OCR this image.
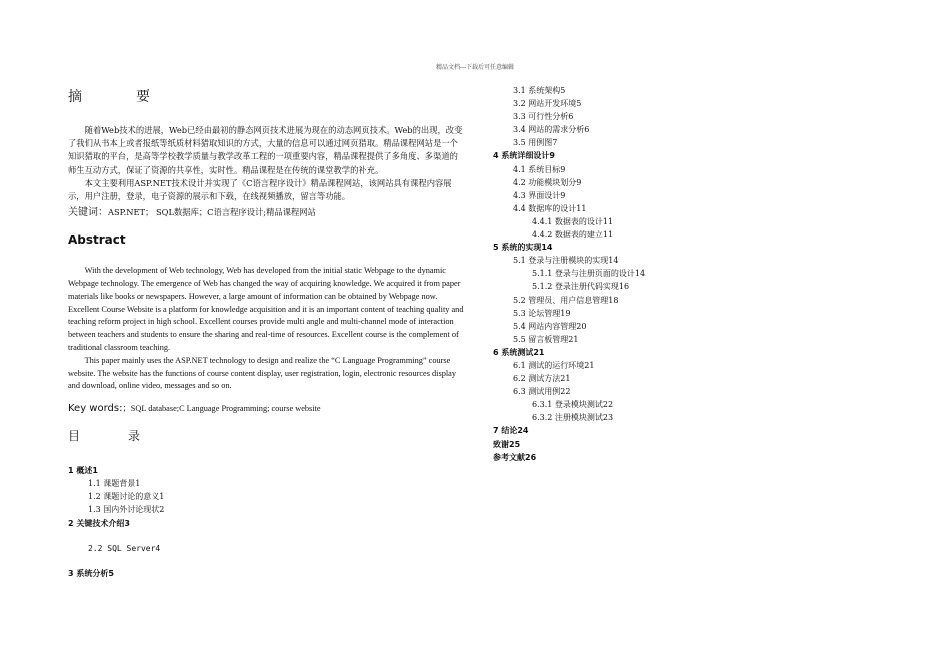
精品文档---下载后可任意编辑
摘　要

随着Web技术的进展，Web已经由最初的静态网页技术进展为现在的动态网页技术。Web的出现，改变了我们从书本上或者报纸等纸质材料猎取知识的方式，大量的信息可以通过网页猎取。精品课程网站是一个知识猎取的平台，是高等学校教学质量与教学改革工程的一项重要内容，精品课程提供了多角度、多渠道的师生互动方式，保证了资源的共享性，实时性。精品课程是在传统的课堂教学的补充。

本文主要利用ASP.NET技术设计并实现了《C语言程序设计》精品课程网站，该网站具有课程内容展示，用户注册，登录，电子资源的展示和下载，在线视频播放，留言等功能。

关键词：ASP.NET； SQL数据库；C语言程序设计;精品课程网站
Abstract

With the development of Web technology, Web has developed from the initial static Webpage to the dynamic Webpage technology. The emergence of Web has changed the way of acquiring knowledge. We acquired it from paper materials like books or newspapers. However, a large amount of information can be obtained by Webpage now. Excellent Course Website is a platform for knowledge acquisition and it is an important content of teaching quality and teaching reform project in high school. Excellent courses provide multi angle and multi-channel mode of interaction between teachers and students to ensure the sharing and real-time of resources. Excellent course is the complement of traditional classroom teaching.

This paper mainly uses the ASP.NET technology to design and realize the “C Language Programming” course website. The website has the functions of course content display, user registration, login, electronic resources display and download, online video, messages and so on.

Key words:；SQL database;C Language Programming; course website
目　录

1 概述1

1.1 课题背景1

1.2 课题讨论的意义1

1.3 国内外讨论现状2

2 关键技术介绍3

2.2 SQL Server4

3 系统分析5

3.1 系统架构5

3.2 网站开发环境5

3.3 可行性分析6

3.4 网站的需求分析6

3.5 用例图7

4 系统详细设计9

4.1 系统目标9

4.2 功能模块划分9

4.3 界面设计9

4.4 数据库的设计11

4.4.1 数据表的设计11

4.4.2 数据表的建立11

5 系统的实现14

5.1 登录与注册模块的实现14

5.1.1 登录与注册页面的设计14

5.1.2 登录注册代码实现16

5.2 管理员、用户信息管理18

5.3 论坛管理19

5.4 网站内容管理20

5.5 留言板管理21

6 系统测试21

6.1 测试的运行环境21

6.2 测试方法21

6.3 测试用例22

6.3.1 登录模块测试22

6.3.2 注册模块测试23

7 结论24

致谢25

参考文献26
